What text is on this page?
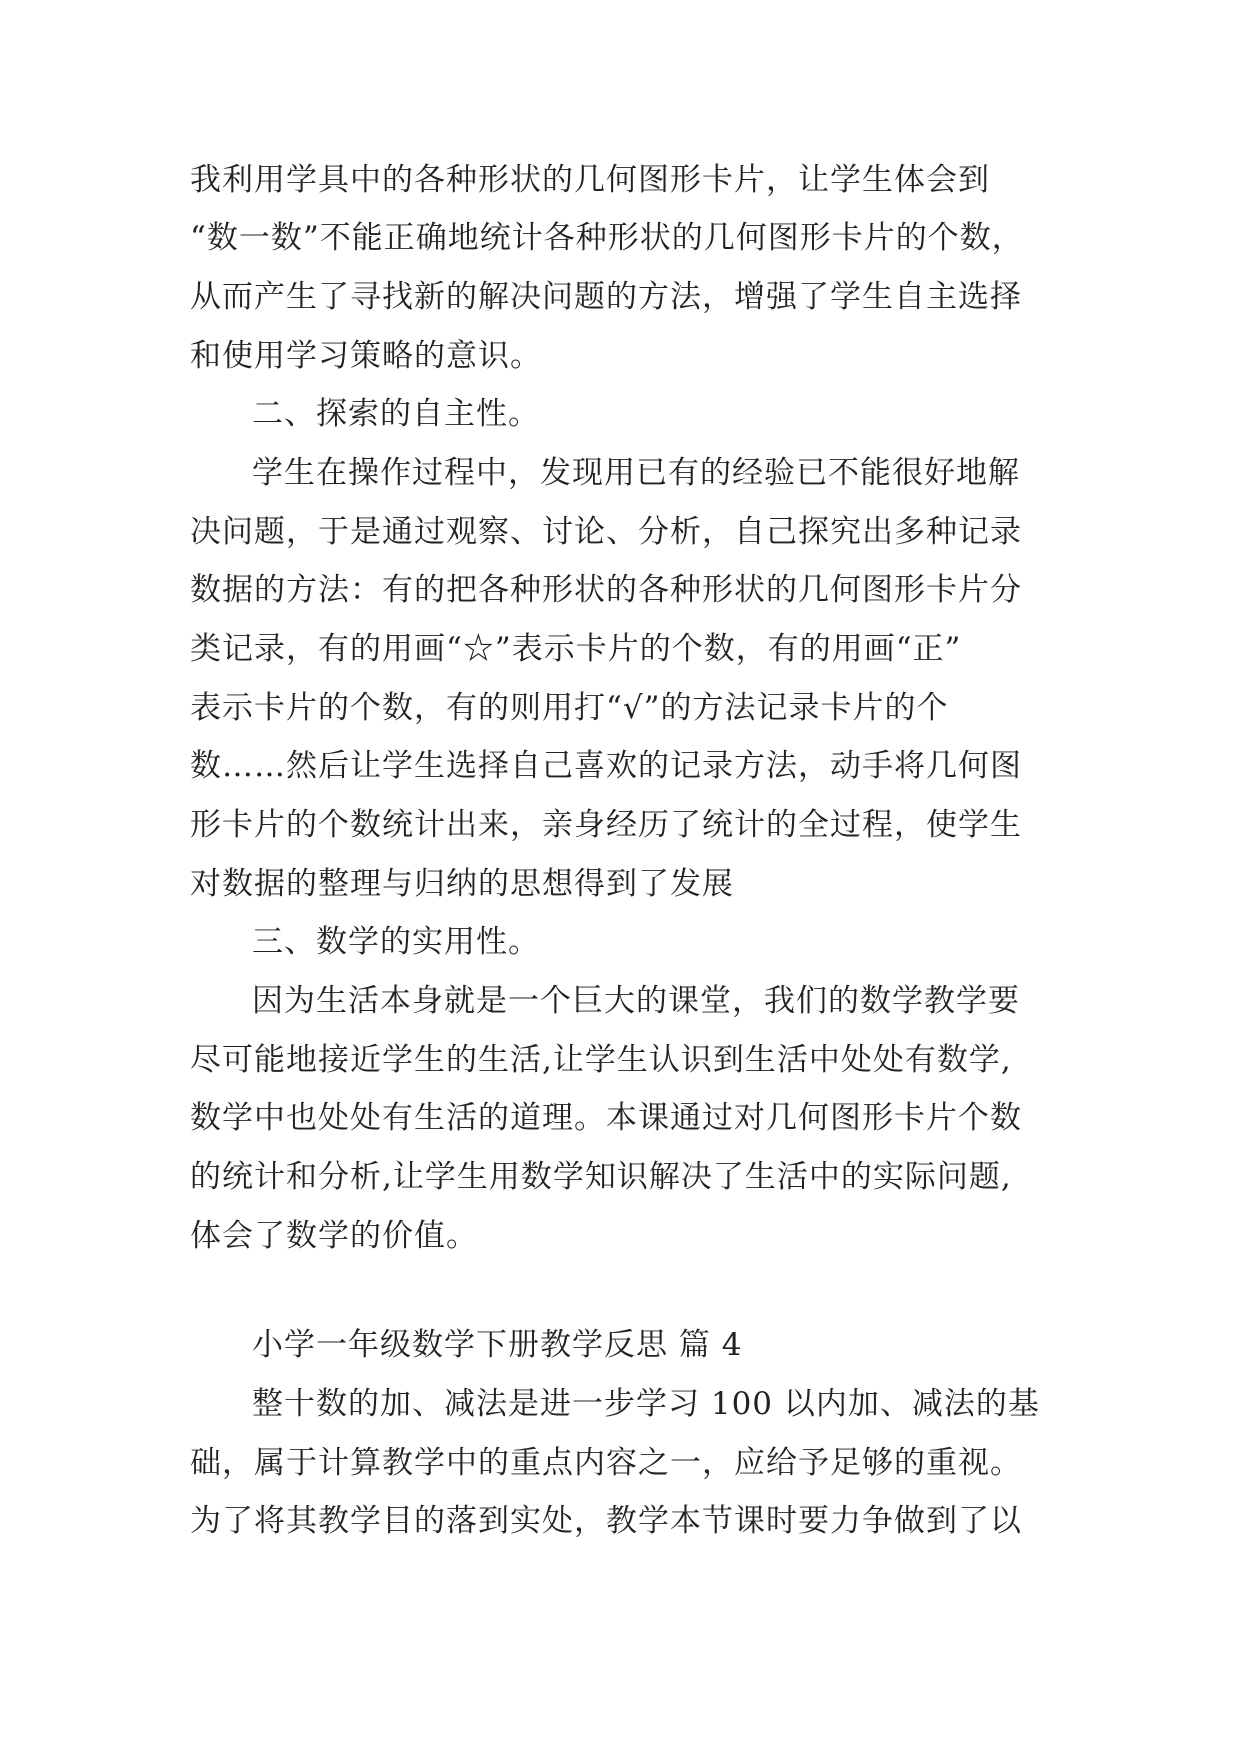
我利用学具中的各种形状的几何图形卡片，让学生体会到
“数一数”不能正确地统计各种形状的几何图形卡片的个数，
从而产生了寻找新的解决问题的方法，增强了学生自主选择
和使用学习策略的意识。
二、探索的自主性。
学生在操作过程中，发现用已有的经验已不能很好地解
决问题，于是通过观察、讨论、分析，自己探究出多种记录
数据的方法：有的把各种形状的各种形状的几何图形卡片分
类记录，有的用画“☆”表示卡片的个数，有的用画“正”
表示卡片的个数，有的则用打“√”的方法记录卡片的个
数……然后让学生选择自己喜欢的记录方法，动手将几何图
形卡片的个数统计出来，亲身经历了统计的全过程，使学生
对数据的整理与归纳的思想得到了发展
三、数学的实用性。
因为生活本身就是一个巨大的课堂，我们的数学教学要
尽可能地接近学生的生活,让学生认识到生活中处处有数学,
数学中也处处有生活的道理。本课通过对几何图形卡片个数
的统计和分析,让学生用数学知识解决了生活中的实际问题,
体会了数学的价值。
小学一年级数学下册教学反思 篇 4
整十数的加、减法是进一步学习 100 以内加、减法的基
础，属于计算教学中的重点内容之一，应给予足够的重视。
为了将其教学目的落到实处，教学本节课时要力争做到了以
